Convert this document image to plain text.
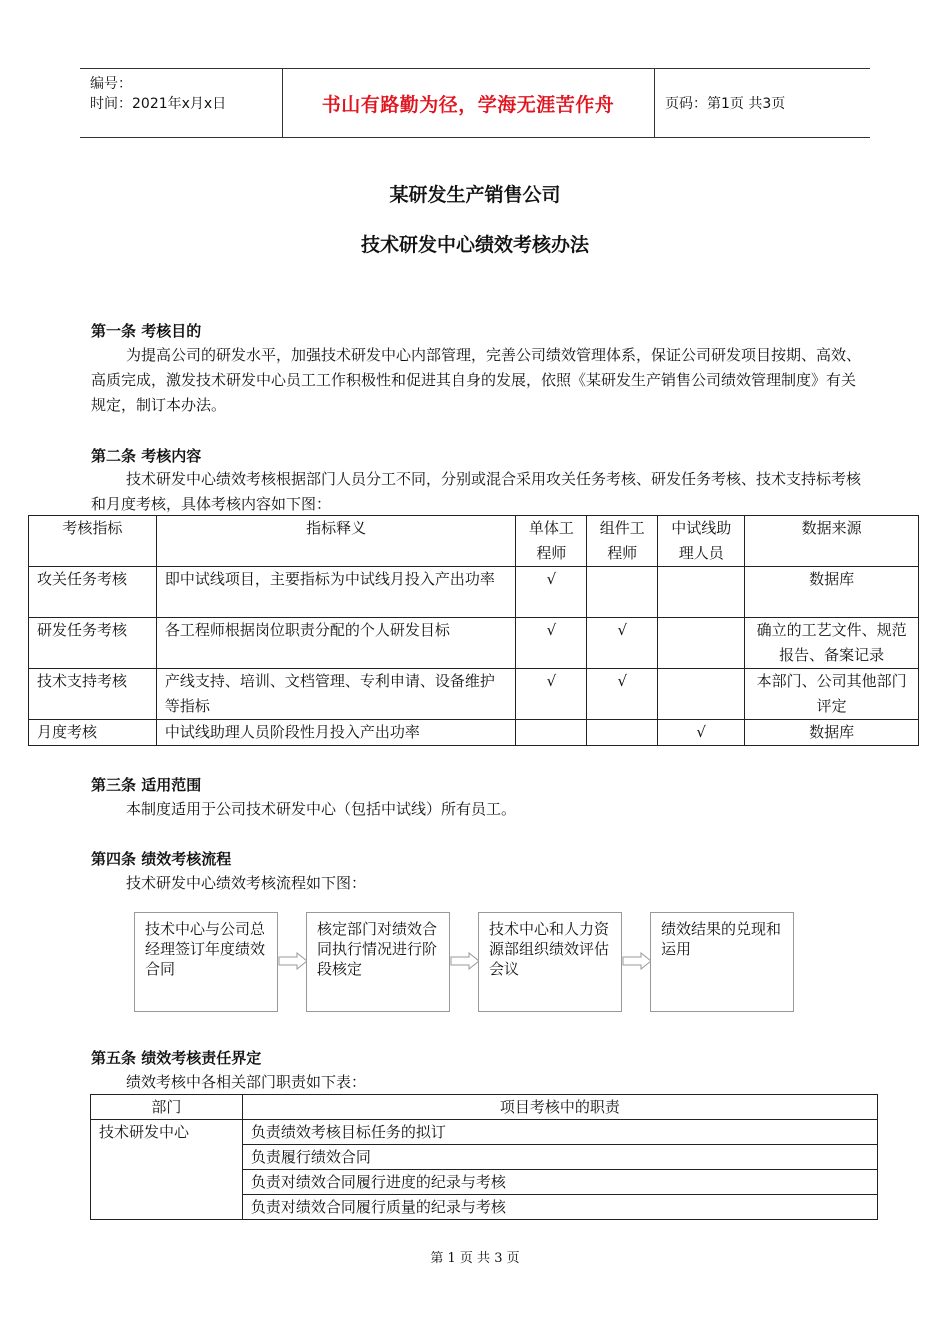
编号：
时间：2021年x月x日	书山有路勤为径，学海无涯苦作舟	页码：第1页 共3页
某研发生产销售公司
技术研发中心绩效考核办法
第一条 考核目的
为提高公司的研发水平，加强技术研发中心内部管理，完善公司绩效管理体系，保证公司研发项目按期、高效、高质完成，激发技术研发中心员工工作积极性和促进其自身的发展，依照《某研发生产销售公司绩效管理制度》有关规定，制订本办法。
第二条 考核内容
技术研发中心绩效考核根据部门人员分工不同，分别或混合采用攻关任务考核、研发任务考核、技术支持标考核和月度考核，具体考核内容如下图：
考核指标	指标释义	单体工程师	组件工程师	中试线助理人员	数据来源
攻关任务考核	即中试线项目，主要指标为中试线月投入产出功率	√			数据库
研发任务考核	各工程师根据岗位职责分配的个人研发目标	√	√		确立的工艺文件、规范报告、备案记录
技术支持考核	产线支持、培训、文档管理、专利申请、设备维护等指标	√	√		本部门、公司其他部门评定
月度考核	中试线助理人员阶段性月投入产出功率			√	数据库
第三条 适用范围
本制度适用于公司技术研发中心（包括中试线）所有员工。
第四条 绩效考核流程
技术研发中心绩效考核流程如下图：
技术中心与公司总经理签订年度绩效合同
核定部门对绩效合同执行情况进行阶段核定
技术中心和人力资源部组织绩效评估会议
绩效结果的兑现和运用
第五条 绩效考核责任界定
绩效考核中各相关部门职责如下表：
部门	项目考核中的职责
技术研发中心	负责绩效考核目标任务的拟订
	负责履行绩效合同
	负责对绩效合同履行进度的纪录与考核
	负责对绩效合同履行质量的纪录与考核
第 1 页 共 3 页
